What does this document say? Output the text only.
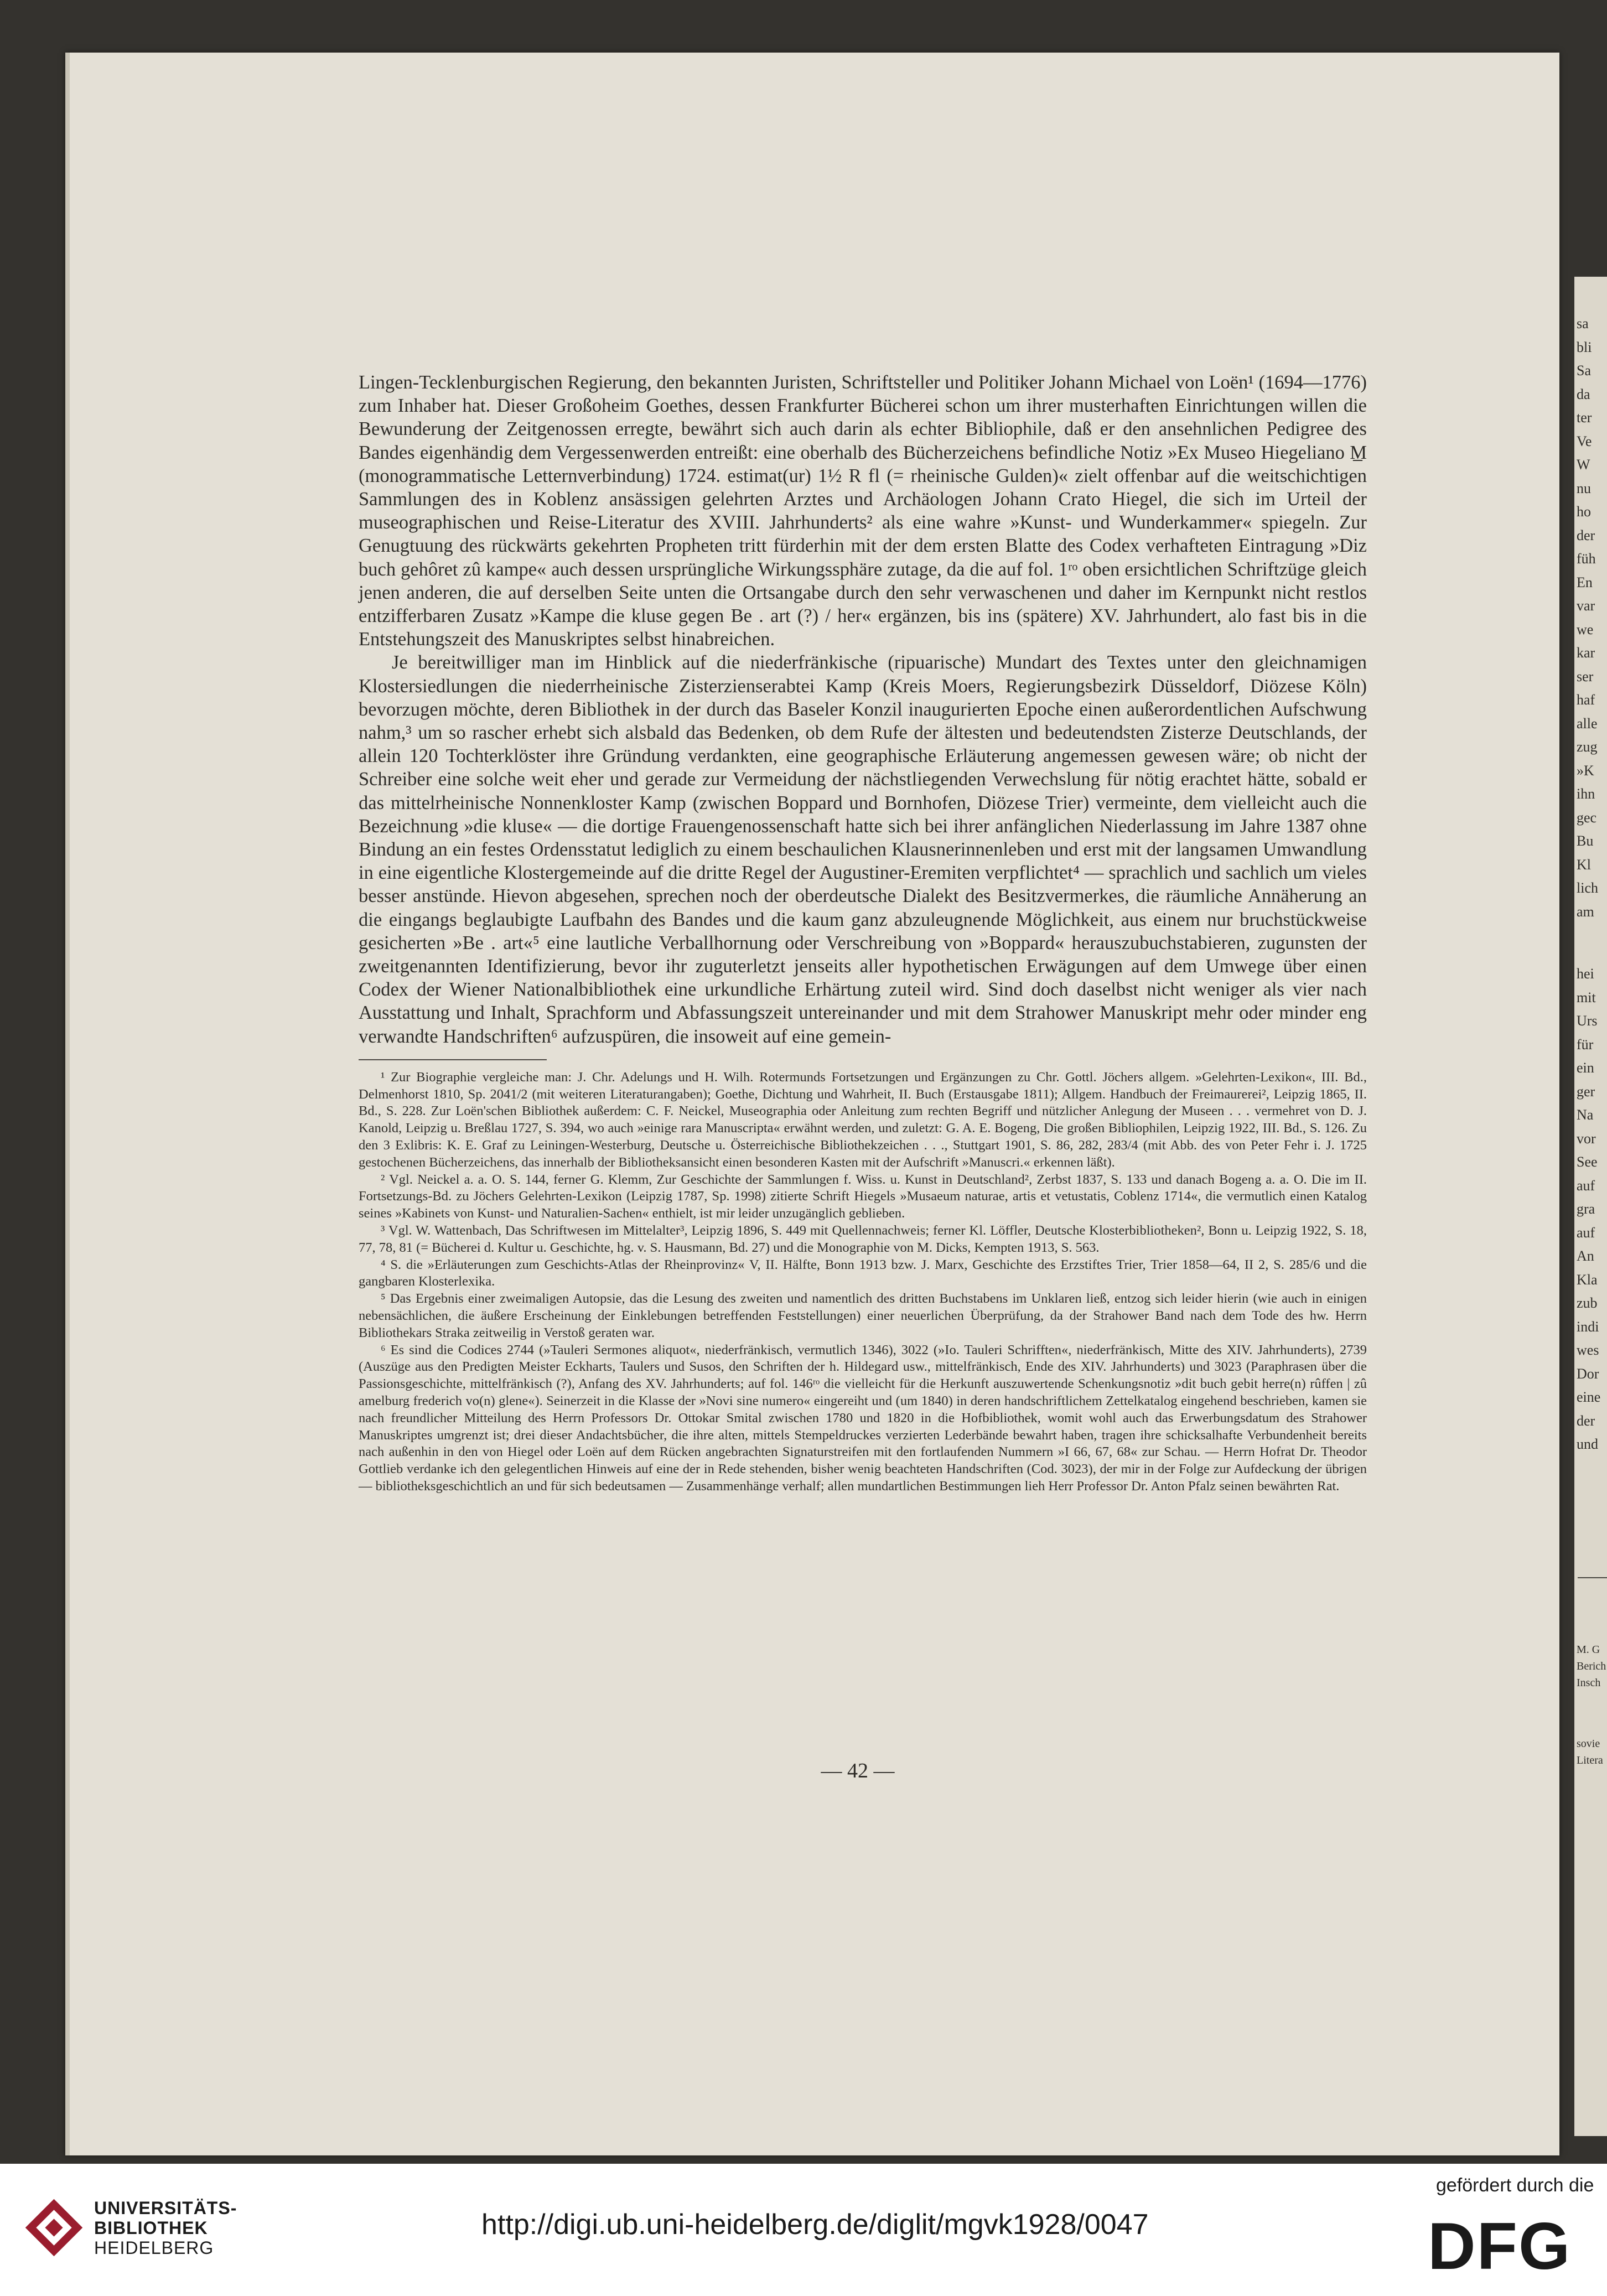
Lingen-Tecklenburgischen Regierung, den bekannten Juristen, Schriftsteller und Politiker Johann Michael von Loën¹ (1694—1776) zum Inhaber hat. Dieser Großoheim Goethes, dessen Frankfurter Bücherei schon um ihrer musterhaften Einrichtungen willen die Bewunderung der Zeitgenossen erregte, bewährt sich auch darin als echter Bibliophile, daß er den ansehnlichen Pedigree des Bandes eigenhändig dem Vergessenwerden entreißt: eine oberhalb des Bücherzeichens befindliche Notiz »Ex Museo Hiegeliano M̲ (monogrammatische Letternverbindung) 1724. estimat(ur) 1½ R fl (= rheinische Gulden)« zielt offenbar auf die weitschichtigen Sammlungen des in Koblenz ansässigen gelehrten Arztes und Archäologen Johann Crato Hiegel, die sich im Urteil der museographischen und Reise-Literatur des XVIII. Jahrhunderts² als eine wahre »Kunst- und Wunderkammer« spiegeln. Zur Genugtuung des rückwärts gekehrten Propheten tritt fürderhin mit der dem ersten Blatte des Codex verhafteten Eintragung »Diz buch gehôret zû kampe« auch dessen ursprüngliche Wirkungssphäre zutage, da die auf fol. 1ʳᵒ oben ersichtlichen Schriftzüge gleich jenen anderen, die auf derselben Seite unten die Ortsangabe durch den sehr verwaschenen und daher im Kernpunkt nicht restlos entzifferbaren Zusatz »Kampe die kluse gegen Be . art (?) / her« ergänzen, bis ins (spätere) XV. Jahrhundert, alo fast bis in die Entstehungszeit des Manuskriptes selbst hinabreichen.

Je bereitwilliger man im Hinblick auf die niederfränkische (ripuarische) Mundart des Textes unter den gleichnamigen Klostersiedlungen die niederrheinische Zisterzienserabtei Kamp (Kreis Moers, Regierungsbezirk Düsseldorf, Diözese Köln) bevorzugen möchte, deren Bibliothek in der durch das Baseler Konzil inaugurierten Epoche einen außerordentlichen Aufschwung nahm,³ um so rascher erhebt sich alsbald das Bedenken, ob dem Rufe der ältesten und bedeutendsten Zisterze Deutschlands, der allein 120 Tochterklöster ihre Gründung verdankten, eine geographische Erläuterung angemessen gewesen wäre; ob nicht der Schreiber eine solche weit eher und gerade zur Vermeidung der nächstliegenden Verwechslung für nötig erachtet hätte, sobald er das mittelrheinische Nonnenkloster Kamp (zwischen Boppard und Bornhofen, Diözese Trier) vermeinte, dem vielleicht auch die Bezeichnung »die kluse« — die dortige Frauengenossenschaft hatte sich bei ihrer anfänglichen Niederlassung im Jahre 1387 ohne Bindung an ein festes Ordensstatut lediglich zu einem beschaulichen Klausnerinnenleben und erst mit der langsamen Umwandlung in eine eigentliche Klostergemeinde auf die dritte Regel der Augustiner-Eremiten verpflichtet⁴ — sprachlich und sachlich um vieles besser anstünde. Hievon abgesehen, sprechen noch der oberdeutsche Dialekt des Besitzvermerkes, die räumliche Annäherung an die eingangs beglaubigte Laufbahn des Bandes und die kaum ganz abzuleugnende Möglichkeit, aus einem nur bruchstückweise gesicherten »Be . art«⁵ eine lautliche Verballhornung oder Verschreibung von »Boppard« herauszubuchstabieren, zugunsten der zweitgenannten Identifizierung, bevor ihr zuguterletzt jenseits aller hypothetischen Erwägungen auf dem Umwege über einen Codex der Wiener Nationalbibliothek eine urkundliche Erhärtung zuteil wird. Sind doch daselbst nicht weniger als vier nach Ausstattung und Inhalt, Sprachform und Abfassungszeit untereinander und mit dem Strahower Manuskript mehr oder minder eng verwandte Handschriften⁶ aufzuspüren, die insoweit auf eine gemein-

¹ Zur Biographie vergleiche man: J. Chr. Adelungs und H. Wilh. Rotermunds Fortsetzungen und Ergänzungen zu Chr. Gottl. Jöchers allgem. »Gelehrten-Lexikon«, III. Bd., Delmenhorst 1810, Sp. 2041/2 (mit weiteren Literaturangaben); Goethe, Dichtung und Wahrheit, II. Buch (Erstausgabe 1811); Allgem. Handbuch der Freimaurerei², Leipzig 1865, II. Bd., S. 228. Zur Loën'schen Bibliothek außerdem: C. F. Neickel, Museographia oder Anleitung zum rechten Begriff und nützlicher Anlegung der Museen . . . vermehret von D. J. Kanold, Leipzig u. Breßlau 1727, S. 394, wo auch »einige rara Manuscripta« erwähnt werden, und zuletzt: G. A. E. Bogeng, Die großen Bibliophilen, Leipzig 1922, III. Bd., S. 126. Zu den 3 Exlibris: K. E. Graf zu Leiningen-Westerburg, Deutsche u. Österreichische Bibliothekzeichen . . ., Stuttgart 1901, S. 86, 282, 283/4 (mit Abb. des von Peter Fehr i. J. 1725 gestochenen Bücherzeichens, das innerhalb der Bibliotheksansicht einen besonderen Kasten mit der Aufschrift »Manuscri.« erkennen läßt).

² Vgl. Neickel a. a. O. S. 144, ferner G. Klemm, Zur Geschichte der Sammlungen f. Wiss. u. Kunst in Deutschland², Zerbst 1837, S. 133 und danach Bogeng a. a. O. Die im II. Fortsetzungs-Bd. zu Jöchers Gelehrten-Lexikon (Leipzig 1787, Sp. 1998) zitierte Schrift Hiegels »Musaeum naturae, artis et vetustatis, Coblenz 1714«, die vermutlich einen Katalog seines »Kabinets von Kunst- und Naturalien-Sachen« enthielt, ist mir leider unzugänglich geblieben.

³ Vgl. W. Wattenbach, Das Schriftwesen im Mittelalter³, Leipzig 1896, S. 449 mit Quellennachweis; ferner Kl. Löffler, Deutsche Klosterbibliotheken², Bonn u. Leipzig 1922, S. 18, 77, 78, 81 (= Bücherei d. Kultur u. Geschichte, hg. v. S. Hausmann, Bd. 27) und die Monographie von M. Dicks, Kempten 1913, S. 563.

⁴ S. die »Erläuterungen zum Geschichts-Atlas der Rheinprovinz« V, II. Hälfte, Bonn 1913 bzw. J. Marx, Geschichte des Erzstiftes Trier, Trier 1858—64, II 2, S. 285/6 und die gangbaren Klosterlexika.

⁵ Das Ergebnis einer zweimaligen Autopsie, das die Lesung des zweiten und namentlich des dritten Buchstabens im Unklaren ließ, entzog sich leider hierin (wie auch in einigen nebensächlichen, die äußere Erscheinung der Einklebungen betreffenden Feststellungen) einer neuerlichen Überprüfung, da der Strahower Band nach dem Tode des hw. Herrn Bibliothekars Straka zeitweilig in Verstoß geraten war.

⁶ Es sind die Codices 2744 (»Tauleri Sermones aliquot«, niederfränkisch, vermutlich 1346), 3022 (»Io. Tauleri Schrifften«, niederfränkisch, Mitte des XIV. Jahrhunderts), 2739 (Auszüge aus den Predigten Meister Eckharts, Taulers und Susos, den Schriften der h. Hildegard usw., mittelfränkisch, Ende des XIV. Jahrhunderts) und 3023 (Paraphrasen über die Passionsgeschichte, mittelfränkisch (?), Anfang des XV. Jahrhunderts; auf fol. 146ʳᵒ die vielleicht für die Herkunft auszuwertende Schenkungsnotiz »dit buch gebit herre(n) rûffen | zû amelburg frederich vo(n) glene«). Seinerzeit in die Klasse der »Novi sine numero« eingereiht und (um 1840) in deren handschriftlichem Zettelkatalog eingehend beschrieben, kamen sie nach freundlicher Mitteilung des Herrn Professors Dr. Ottokar Smital zwischen 1780 und 1820 in die Hofbibliothek, womit wohl auch das Erwerbungsdatum des Strahower Manuskriptes umgrenzt ist; drei dieser Andachtsbücher, die ihre alten, mittels Stempeldruckes verzierten Lederbände bewahrt haben, tragen ihre schicksalhafte Verbundenheit bereits nach außenhin in den von Hiegel oder Loën auf dem Rücken angebrachten Signaturstreifen mit den fortlaufenden Nummern »I 66, 67, 68« zur Schau. — Herrn Hofrat Dr. Theodor Gottlieb verdanke ich den gelegentlichen Hinweis auf eine der in Rede stehenden, bisher wenig beachteten Handschriften (Cod. 3023), der mir in der Folge zur Aufdeckung der übrigen — bibliotheksgeschichtlich an und für sich bedeutsamen — Zusammenhänge verhalf; allen mundartlichen Bestimmungen lieh Herr Professor Dr. Anton Pfalz seinen bewährten Rat.

— 42 —
sa
bli
Sa
da
ter
Ve
W
nu
ho
der
füh
En
var
we
kar
ser
haf
alle
zug
»K
ihn
gec
Bu
Kl
lich
am
hei
mit
Urs
für
ein
ger
Na
vor
See
auf
gra
auf
An
Kla
zub
indi
wes
Dor
eine
der
und
M. G
Berich
Insch
sovie
Litera
UNIVERSITÄTS-
BIBLIOTHEK
HEIDELBERG
http://digi.ub.uni-heidelberg.de/diglit/mgvk1928/0047
gefördert durch die
DFG
